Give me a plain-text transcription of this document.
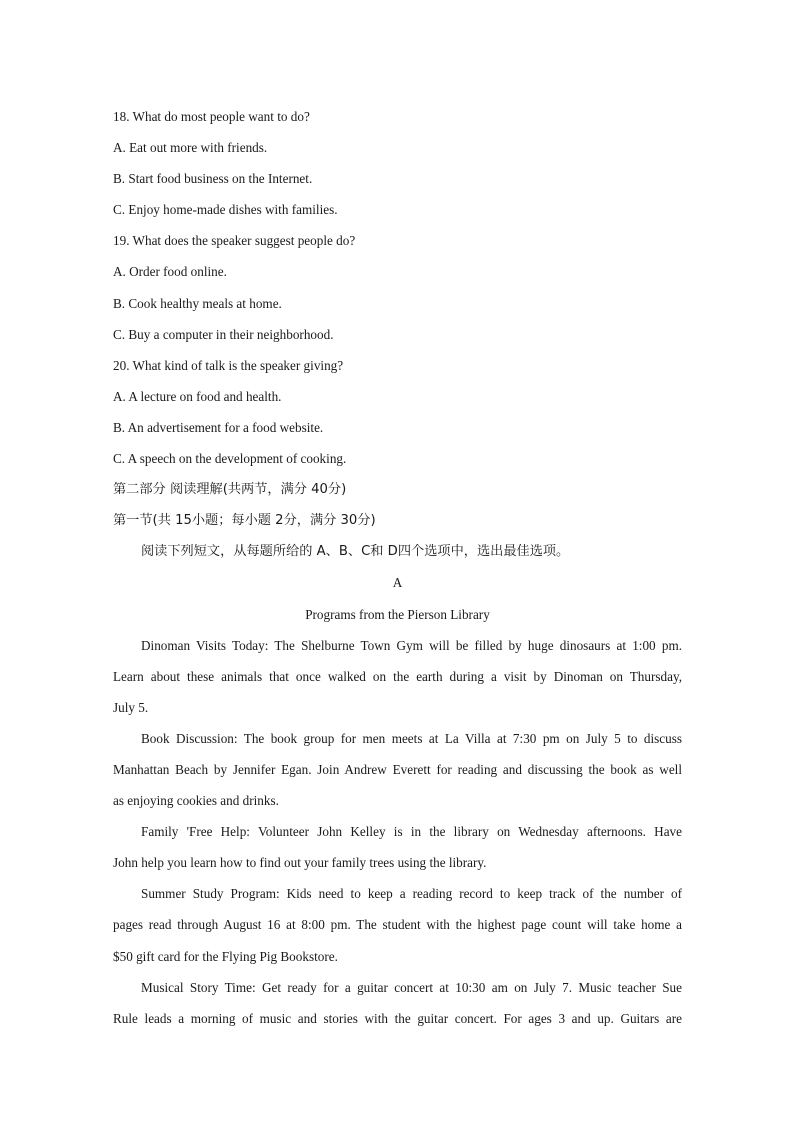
18. What do most people want to do?
A. Eat out more with friends.
B. Start food business on the Internet.
C. Enjoy home-made dishes with families.
19. What does the speaker suggest people do?
A. Order food online.
B. Cook healthy meals at home.
C. Buy a computer in their neighborhood.
20. What kind of talk is the speaker giving?
A. A lecture on food and health.
B. An advertisement for a food website.
C. A speech on the development of cooking.
第二部分 阅读理解(共两节，满分 40分)
第一节(共 15小题；每小题 2分，满分 30分)
阅读下列短文，从每题所给的 A、B、C和 D四个选项中，选出最佳选项。
A
Programs from the Pierson Library
Dinoman Visits Today: The Shelburne Town Gym will be filled by huge dinosaurs at 1:00 pm.
Learn about these animals that once walked on the earth during a visit by Dinoman on Thursday,
July 5.
Book Discussion: The book group for men meets at La Villa at 7:30 pm on July 5 to discuss
Manhattan Beach by Jennifer Egan. Join Andrew Everett for reading and discussing the book as well
as enjoying cookies and drinks.
Family 'Free Help: Volunteer John Kelley is in the library on Wednesday afternoons. Have
John help you learn how to find out your family trees using the library.
Summer Study Program: Kids need to keep a reading record to keep track of the number of
pages read through August 16 at 8:00 pm. The student with the highest page count will take home a
$50 gift card for the Flying Pig Bookstore.
Musical Story Time: Get ready for a guitar concert at 10:30 am on July 7. Music teacher Sue
Rule leads a morning of music and stories with the guitar concert. For ages 3 and up. Guitars are
